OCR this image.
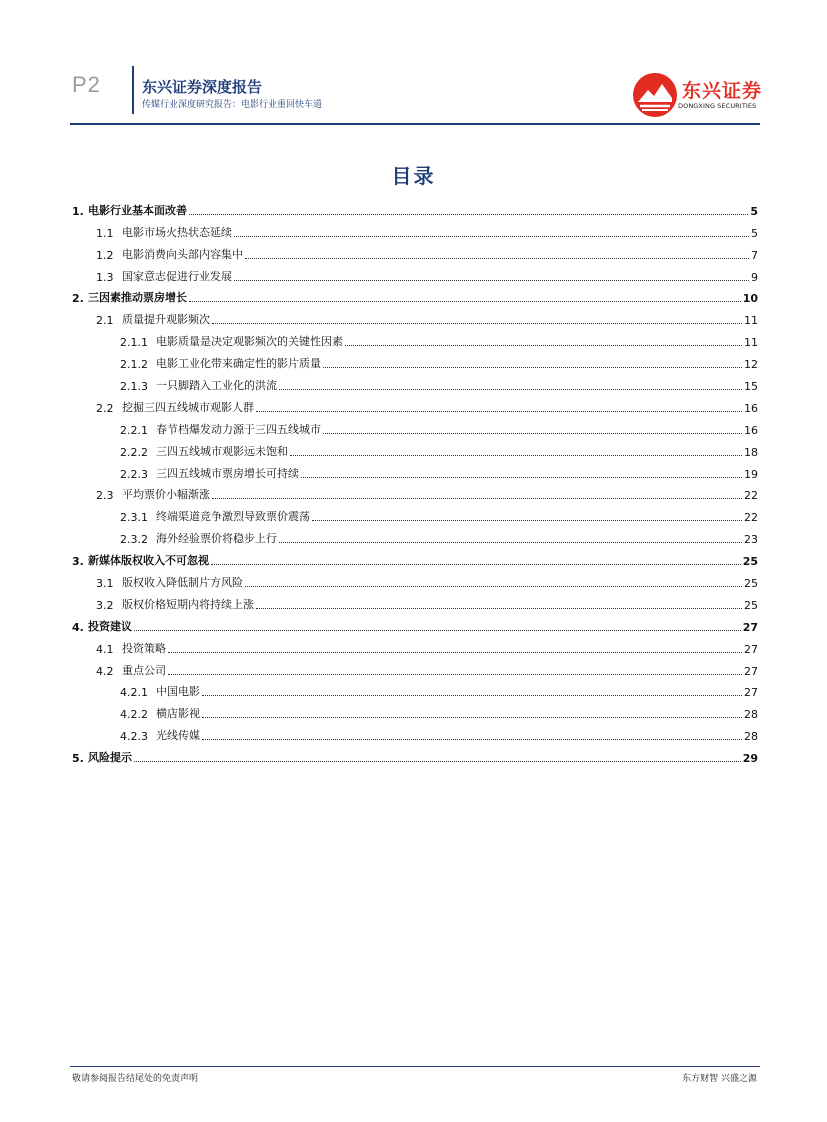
P2	东兴证券深度报告
传媒行业深度研究报告：电影行业重回快车道
东兴证券
DONGXING SECURITIES
目录
1. 电影行业基本面改善	5
1.1 电影市场火热状态延续	5
1.2 电影消费向头部内容集中	7
1.3 国家意志促进行业发展	9
2. 三因素推动票房增长	10
2.1 质量提升观影频次	11
2.1.1 电影质量是决定观影频次的关键性因素	11
2.1.2 电影工业化带来确定性的影片质量	12
2.1.3 一只脚踏入工业化的洪流	15
2.2 挖掘三四五线城市观影人群	16
2.2.1 春节档爆发动力源于三四五线城市	16
2.2.2 三四五线城市观影远未饱和	18
2.2.3 三四五线城市票房增长可持续	19
2.3 平均票价小幅渐涨	22
2.3.1 终端渠道竞争激烈导致票价震荡	22
2.3.2 海外经验票价将稳步上行	23
3. 新媒体版权收入不可忽视	25
3.1 版权收入降低制片方风险	25
3.2 版权价格短期内将持续上涨	25
4. 投资建议	27
4.1 投资策略	27
4.2 重点公司	27
4.2.1 中国电影	27
4.2.2 横店影视	28
4.2.3 光线传媒	28
5. 风险提示	29
敬请参阅报告结尾处的免责声明	东方财智 兴盛之源
